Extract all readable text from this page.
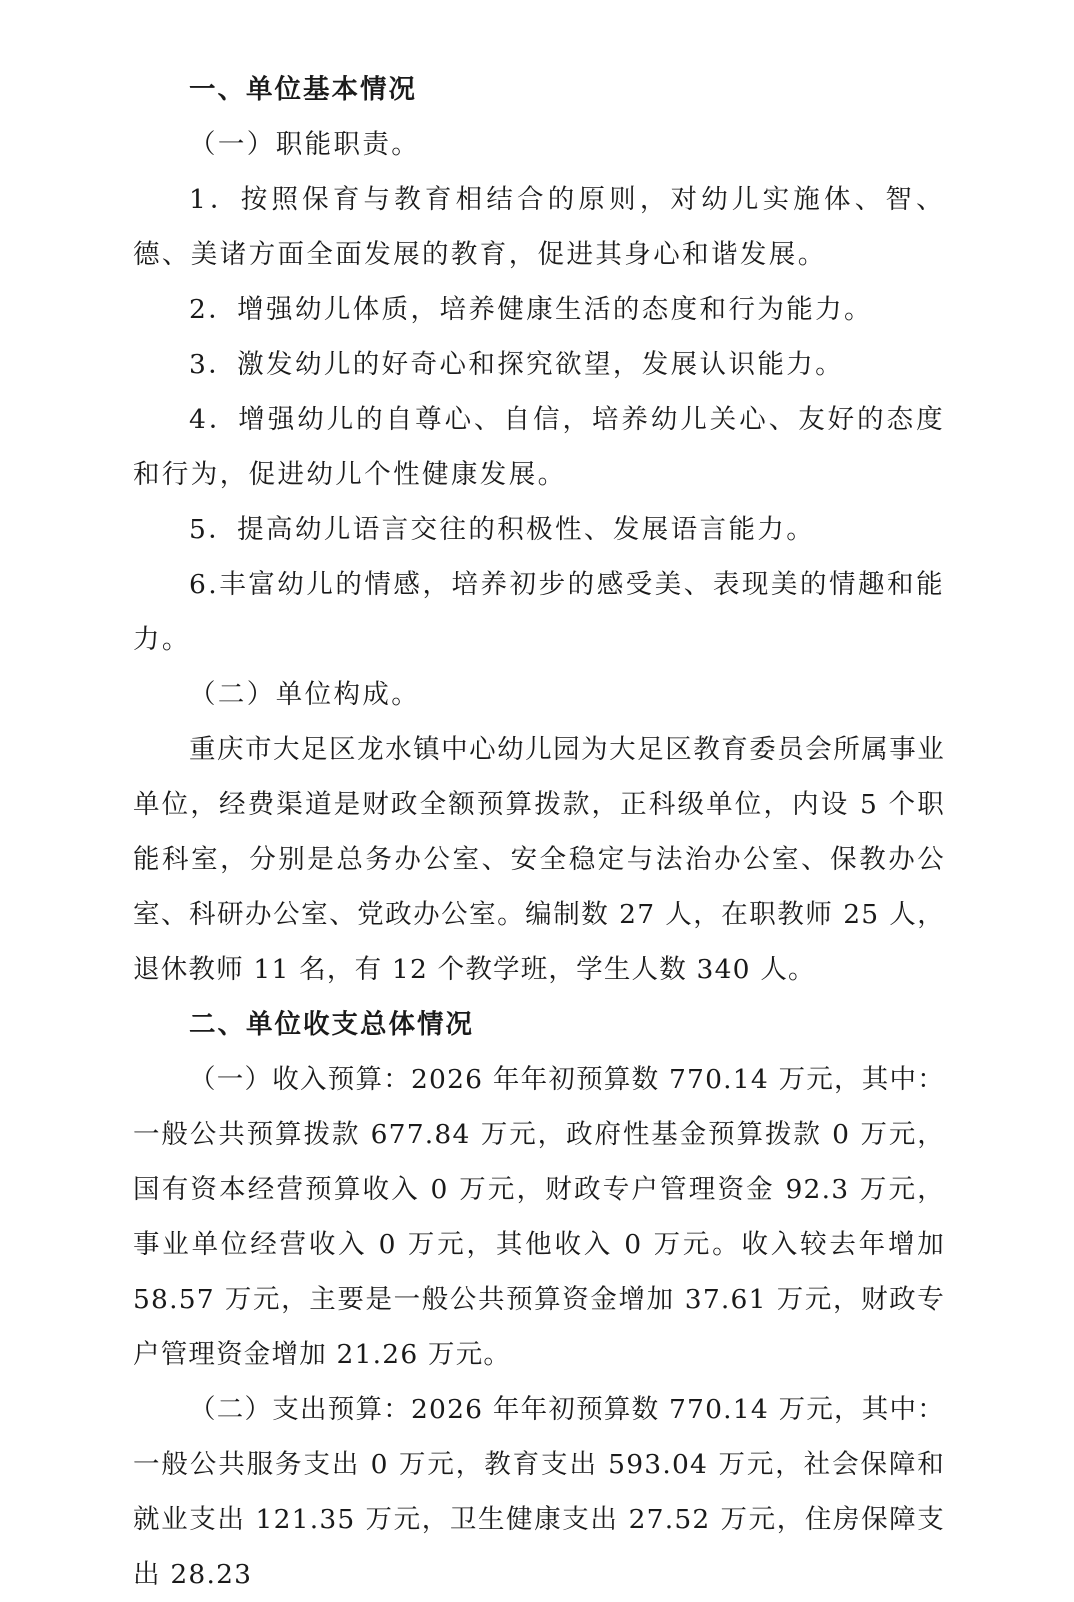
一、单位基本情况

（一）职能职责。

1．按照保育与教育相结合的原则，对幼儿实施体、智、德、美诸方面全面发展的教育，促进其身心和谐发展。

2．增强幼儿体质，培养健康生活的态度和行为能力。

3．激发幼儿的好奇心和探究欲望，发展认识能力。

4．增强幼儿的自尊心、自信，培养幼儿关心、友好的态度和行为，促进幼儿个性健康发展。

5．提高幼儿语言交往的积极性、发展语言能力。

6.丰富幼儿的情感，培养初步的感受美、表现美的情趣和能力。

（二）单位构成。

重庆市大足区龙水镇中心幼儿园为大足区教育委员会所属事业单位，经费渠道是财政全额预算拨款，正科级单位，内设 5 个职能科室，分别是总务办公室、安全稳定与法治办公室、保教办公室、科研办公室、党政办公室。编制数 27 人，在职教师 25 人，退休教师 11 名，有 12 个教学班，学生人数 340 人。

二、单位收支总体情况

（一）收入预算：2026 年年初预算数 770.14 万元，其中：一般公共预算拨款 677.84 万元，政府性基金预算拨款 0 万元，国有资本经营预算收入 0 万元，财政专户管理资金 92.3 万元，事业单位经营收入 0 万元，其他收入 0 万元。收入较去年增加 58.57 万元，主要是一般公共预算资金增加 37.61 万元，财政专户管理资金增加 21.26 万元。

（二）支出预算：2026 年年初预算数 770.14 万元，其中：一般公共服务支出 0 万元，教育支出 593.04 万元，社会保障和就业支出 121.35 万元，卫生健康支出 27.52 万元，住房保障支出 28.23
